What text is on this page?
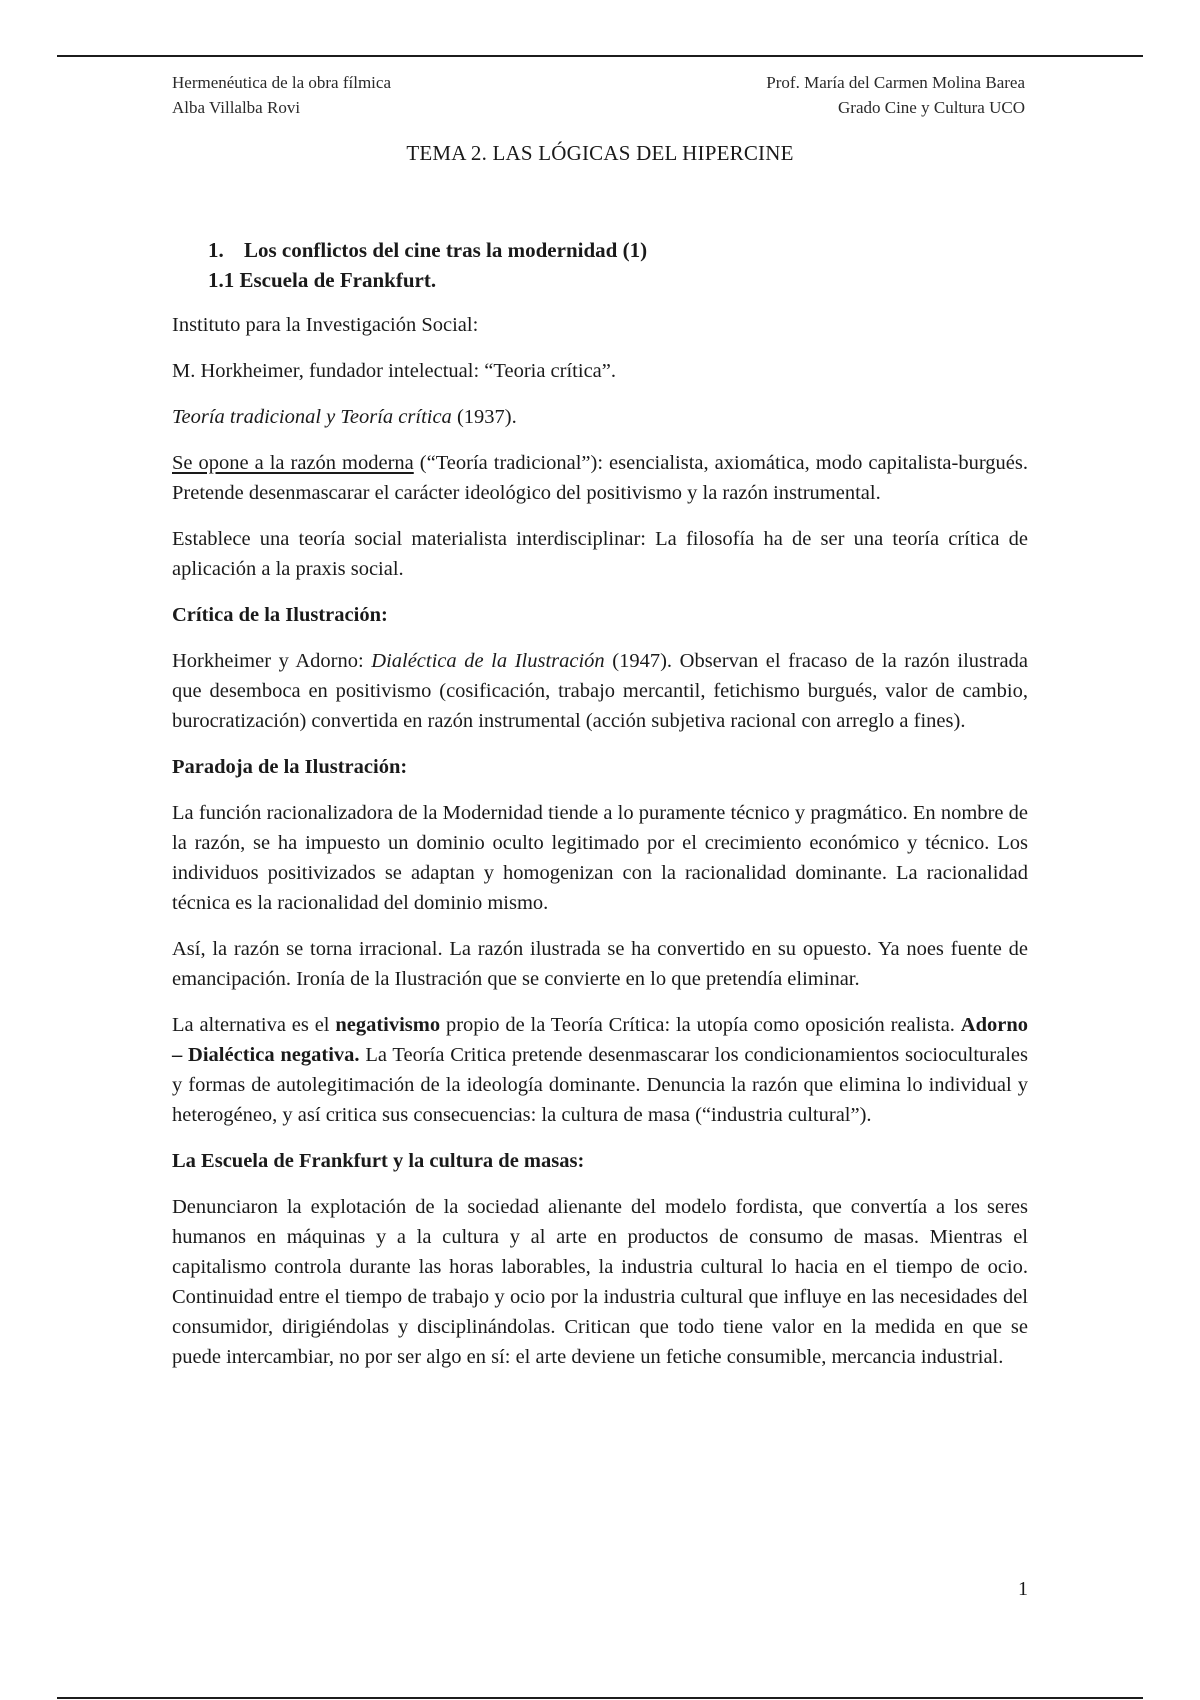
Hermenéutica de la obra fílmica
Alba Villalba Rovi
Prof. María del Carmen Molina Barea
Grado Cine y Cultura UCO
TEMA 2. LAS LÓGICAS DEL HIPERCINE
1. Los conflictos del cine tras la modernidad (1)
1.1 Escuela de Frankfurt.

Instituto para la Investigación Social:

M. Horkheimer, fundador intelectual: “Teoria crítica”.

Teoría tradicional y Teoría crítica (1937).

Se opone a la razón moderna (“Teoría tradicional”): esencialista, axiomática, modo capitalista-burgués. Pretende desenmascarar el carácter ideológico del positivismo y la razón instrumental.

Establece una teoría social materialista interdisciplinar: La filosofía ha de ser una teoría crítica de aplicación a la praxis social.

Crítica de la Ilustración:

Horkheimer y Adorno: Dialéctica de la Ilustración (1947). Observan el fracaso de la razón ilustrada que desemboca en positivismo (cosificación, trabajo mercantil, fetichismo burgués, valor de cambio, burocratización) convertida en razón instrumental (acción subjetiva racional con arreglo a fines).

Paradoja de la Ilustración:

La función racionalizadora de la Modernidad tiende a lo puramente técnico y pragmático. En nombre de la razón, se ha impuesto un dominio oculto legitimado por el crecimiento económico y técnico. Los individuos positivizados se adaptan y homogenizan con la racionalidad dominante. La racionalidad técnica es la racionalidad del dominio mismo.

Así, la razón se torna irracional. La razón ilustrada se ha convertido en su opuesto. Ya noes fuente de emancipación. Ironía de la Ilustración que se convierte en lo que pretendía eliminar.

La alternativa es el negativismo propio de la Teoría Crítica: la utopía como oposición realista. Adorno – Dialéctica negativa. La Teoría Critica pretende desenmascarar los condicionamientos socioculturales y formas de autolegitimación de la ideología dominante. Denuncia la razón que elimina lo individual y heterogéneo, y así critica sus consecuencias: la cultura de masa (“industria cultural”).

La Escuela de Frankfurt y la cultura de masas:

Denunciaron la explotación de la sociedad alienante del modelo fordista, que convertía a los seres humanos en máquinas y a la cultura y al arte en productos de consumo de masas. Mientras el capitalismo controla durante las horas laborables, la industria cultural lo hacia en el tiempo de ocio. Continuidad entre el tiempo de trabajo y ocio por la industria cultural que influye en las necesidades del consumidor, dirigiéndolas y disciplinándolas. Critican que todo tiene valor en la medida en que se puede intercambiar, no por ser algo en sí: el arte deviene un fetiche consumible, mercancia industrial.

1
